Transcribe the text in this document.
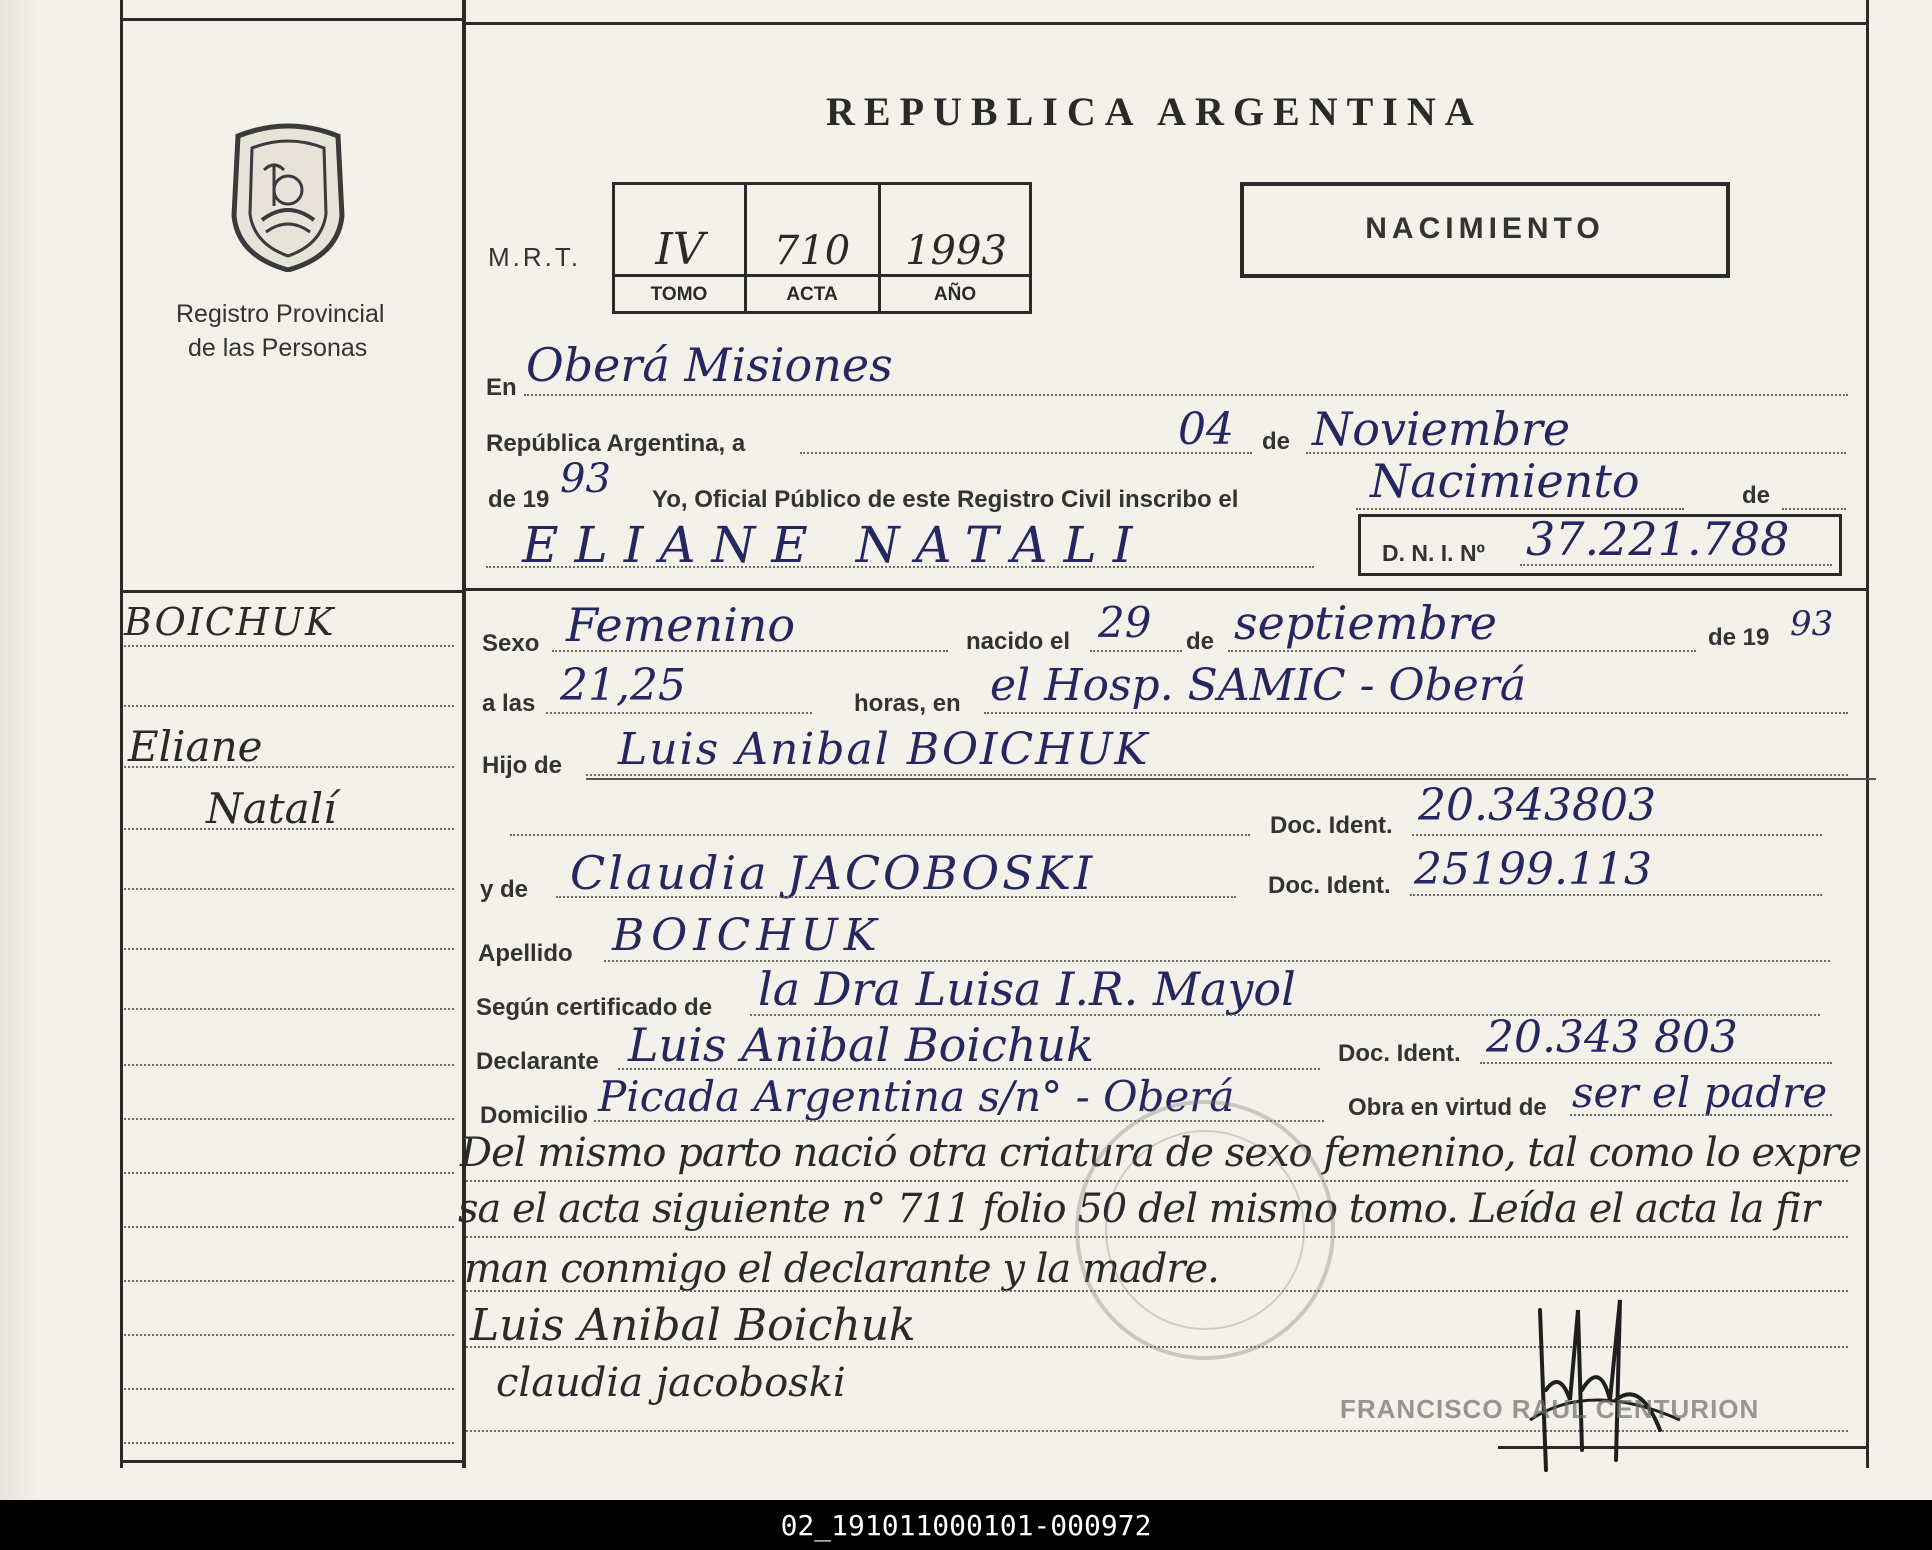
Registro Provincial
de las Personas
BOICHUK
Eliane
Natalí
REPUBLICA ARGENTINA
M.R.T.	IV	710	1993
TOMO	ACTA	AÑO
NACIMIENTO
En Oberá Misiones
República Argentina, a	04 de Noviembre
de 19 93 Yo, Oficial Público de este Registro Civil inscribo el	Nacimiento	de
ELIANE NATALI	D. N. I. Nº 37.221.788
Sexo Femenino	nacido el 29 de septiembre	de 19 93
a las 21,25	horas, en el Hosp. SAMIC - Oberá
Hijo de Luis Anibal BOICHUK
Doc. Ident. 20.343803
y de Claudia JACOBOSKI	Doc. Ident. 25199.113
Apellido BOICHUK
Según certificado de la Dra Luisa I.R. Mayol
Declarante Luis Anibal Boichuk	Doc. Ident. 20.343 803
Domicilio Picada Argentina s/n° - Oberá	Obra en virtud de ser el padre
Del mismo parto nació otra criatura de sexo femenino, tal como lo expre
sa el acta siguiente n° 711 folio 50 del mismo tomo. Leída el acta la fir
man conmigo el declarante y la madre.
Luis Anibal Boichuk
claudia jacoboski
FRANCISCO RAUL CENTURION
02_191011000101-000972
